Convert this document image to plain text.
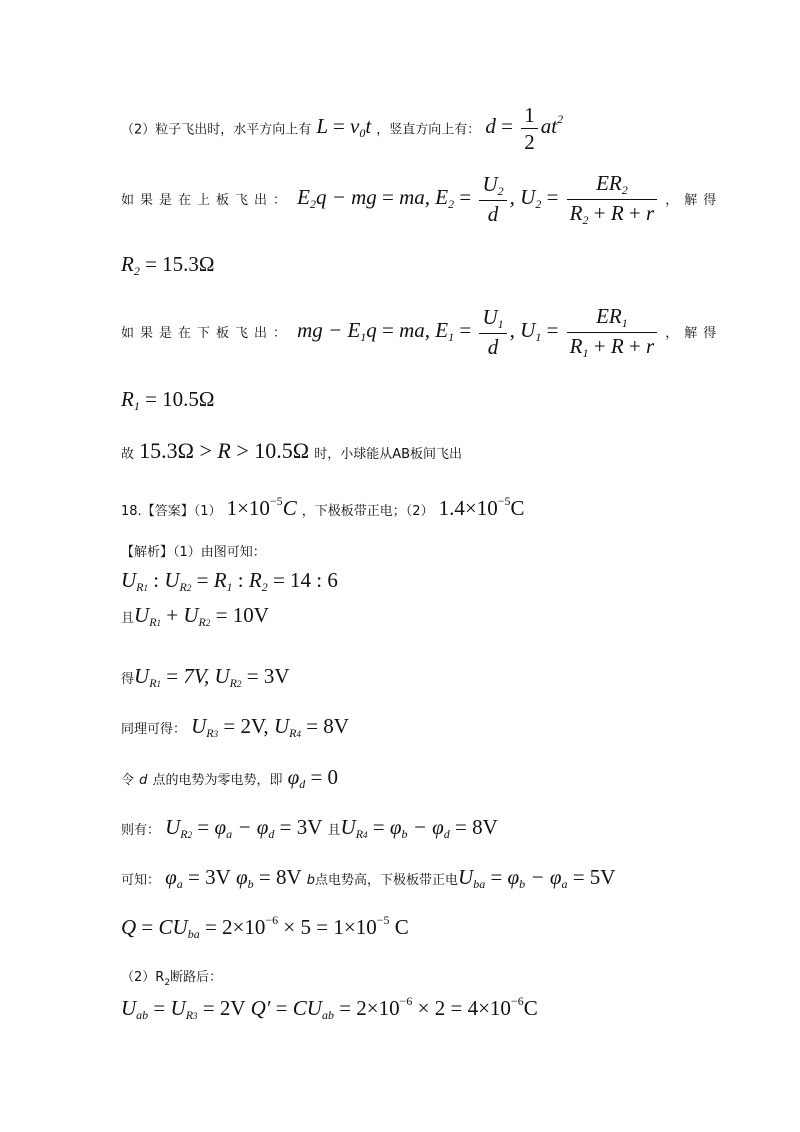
（2）粒子飞出时，水平方向上有 $L = v_0t$ ，竖直方向上有： $d = \frac{1}{2} at^2$
如果是在上板飞出： $E_2q$ − mg = ma, $E_2 = \frac{U_2}{d}$ , $U_2 = \frac{ER_2}{R_2 + R + r}$ ，解得
$R_2 = 15.3\Omega$
如果是在下板飞出： mg − $E_1q$ = ma, $E_1 = \frac{U_1}{d}$ , $U_1 = \frac{ER_1}{R_1 + R + r}$ ，解得
$R_1 = 10.5\Omega$
故 15.3Ω > R > 10.5Ω 时，小球能从AB板间飞出
18.【答案】（1） $1\times 10^{-5}C$ ，下极板带正电；（2） $1.4\times 10^{-5}C$
【解析】（1）由图可知：
$U_{R1}$ : $U_{R2} = R_1$ : $R_2 = 14$ : 6
且$U_{R1} + U_{R2} = 10V$
得$U_{R1} = 7V$, $U_{R2} = 3V$
同理可得： $U_{R3} = 2V$, $U_{R4} = 8V$
令 d 点的电势为零电势，即 $\varphi_d = 0$
则有： $U_{R2} = \varphi_a - \varphi_d = 3V$ 且$U_{R4} = \varphi_b - \varphi_d = 8V$
可知： $\varphi_a = 3V$ $\varphi_b = 8V$ b点电势高，下极板带正电$U_{ba} = \varphi_b - \varphi_a = 5V$
$Q = CU_{ba} = 2\times 10^{-6} \times 5 = 1\times 10^{-5}$ C
$(2)R_2$断路后：
$U_{ab} = U_{R3} = 2V$ $Q' = CU_{ab} = 2\times 10^{-6} \times 2 = 4\times 10^{-6}C$
